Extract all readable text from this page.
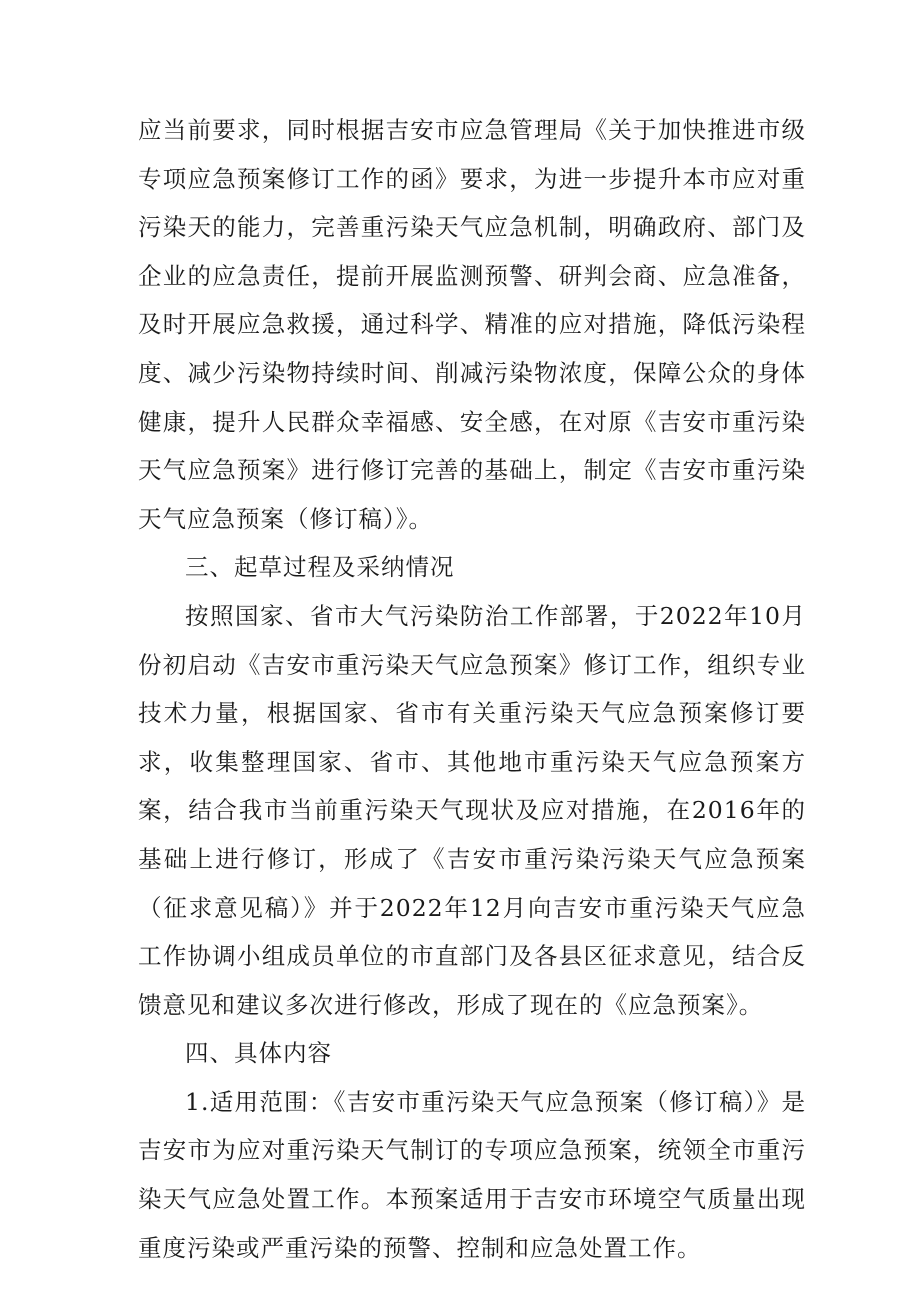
应当前要求，同时根据吉安市应急管理局《关于加快推进市级专项应急预案修订工作的函》要求，为进一步提升本市应对重污染天的能力，完善重污染天气应急机制，明确政府、部门及企业的应急责任，提前开展监测预警、研判会商、应急准备，及时开展应急救援，通过科学、精准的应对措施，降低污染程度、减少污染物持续时间、削减污染物浓度，保障公众的身体健康，提升人民群众幸福感、安全感，在对原《吉安市重污染天气应急预案》进行修订完善的基础上，制定《吉安市重污染天气应急预案（修订稿）》。

三、起草过程及采纳情况

按照国家、省市大气污染防治工作部署，于2022年10月份初启动《吉安市重污染天气应急预案》修订工作，组织专业技术力量，根据国家、省市有关重污染天气应急预案修订要求，收集整理国家、省市、其他地市重污染天气应急预案方案，结合我市当前重污染天气现状及应对措施，在2016年的基础上进行修订，形成了《吉安市重污染污染天气应急预案（征求意见稿）》并于2022年12月向吉安市重污染天气应急工作协调小组成员单位的市直部门及各县区征求意见，结合反馈意见和建议多次进行修改，形成了现在的《应急预案》。

四、具体内容

1.适用范围：《吉安市重污染天气应急预案（修订稿）》是吉安市为应对重污染天气制订的专项应急预案，统领全市重污染天气应急处置工作。本预案适用于吉安市环境空气质量出现重度污染或严重污染的预警、控制和应急处置工作。
